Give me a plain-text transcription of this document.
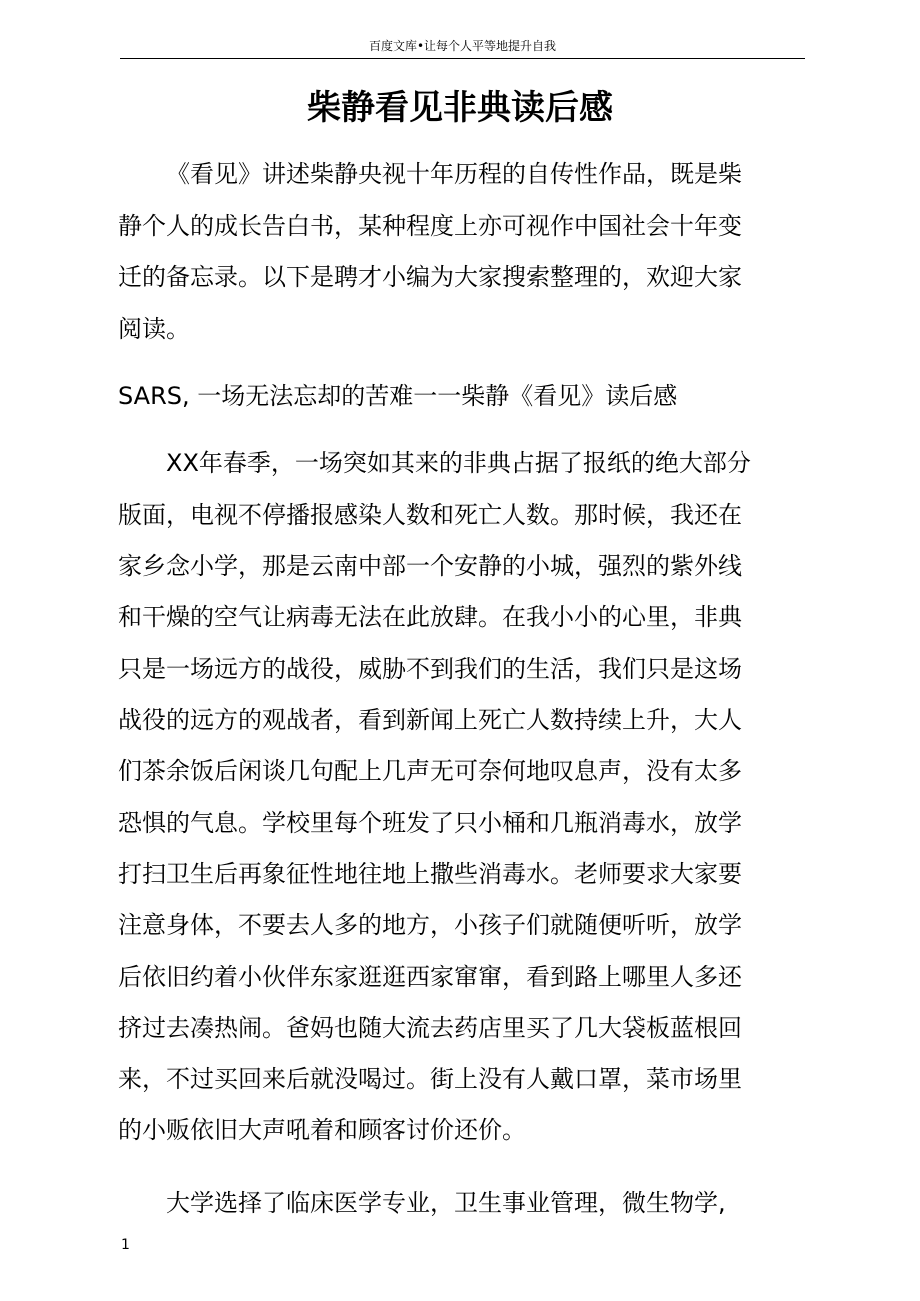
百度文库•让每个人平等地提升自我
柴静看见非典读后感
《看见》讲述柴静央视十年历程的自传性作品，既是柴
静个人的成长告白书，某种程度上亦可视作中国社会十年变
迁的备忘录。以下是聘才小编为大家搜索整理的，欢迎大家
阅读。
SARS, 一场无法忘却的苦难一一柴静《看见》读后感
XX年春季，一场突如其来的非典占据了报纸的绝大部分
版面，电视不停播报感染人数和死亡人数。那时候，我还在
家乡念小学，那是云南中部一个安静的小城，强烈的紫外线
和干燥的空气让病毒无法在此放肆。在我小小的心里，非典
只是一场远方的战役，威胁不到我们的生活，我们只是这场
战役的远方的观战者，看到新闻上死亡人数持续上升，大人
们茶余饭后闲谈几句配上几声无可奈何地叹息声，没有太多
恐惧的气息。学校里每个班发了只小桶和几瓶消毒水，放学
打扫卫生后再象征性地往地上撒些消毒水。老师要求大家要
注意身体，不要去人多的地方，小孩子们就随便听听，放学
后依旧约着小伙伴东家逛逛西家窜窜，看到路上哪里人多还
挤过去凑热闹。爸妈也随大流去药店里买了几大袋板蓝根回
来，不过买回来后就没喝过。街上没有人戴口罩，菜市场里
的小贩依旧大声吼着和顾客讨价还价。
大学选择了临床医学专业，卫生事业管理，微生物学,
1
